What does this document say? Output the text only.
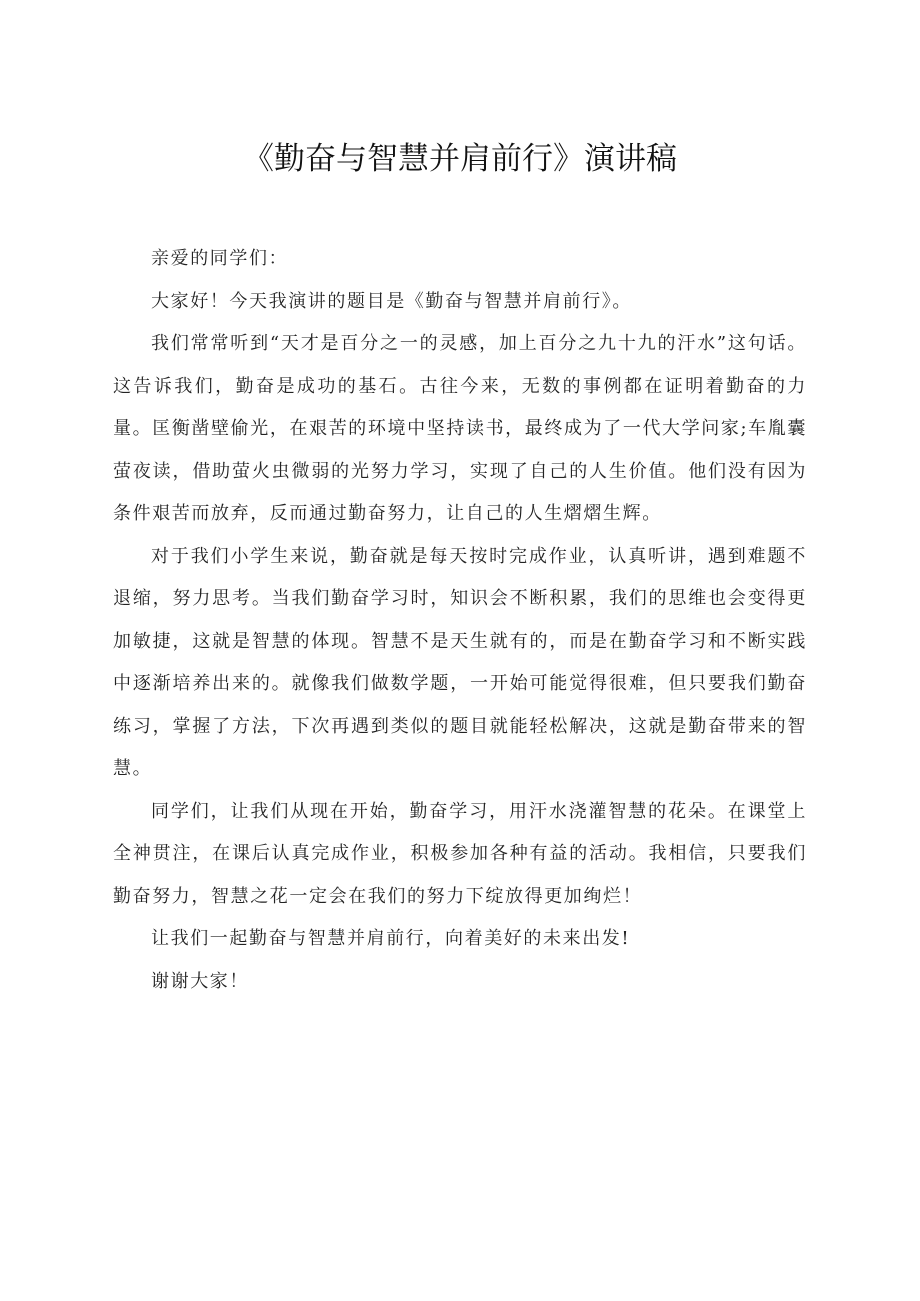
《勤奋与智慧并肩前行》演讲稿

亲爱的同学们：

大家好！今天我演讲的题目是《勤奋与智慧并肩前行》。

我们常常听到“天才是百分之一的灵感，加上百分之九十九的汗水”这句话。这告诉我们，勤奋是成功的基石。古往今来，无数的事例都在证明着勤奋的力量。匡衡凿壁偷光，在艰苦的环境中坚持读书，最终成为了一代大学问家;车胤囊萤夜读，借助萤火虫微弱的光努力学习，实现了自己的人生价值。他们没有因为条件艰苦而放弃，反而通过勤奋努力，让自己的人生熠熠生辉。

对于我们小学生来说，勤奋就是每天按时完成作业，认真听讲，遇到难题不退缩，努力思考。当我们勤奋学习时，知识会不断积累，我们的思维也会变得更加敏捷，这就是智慧的体现。智慧不是天生就有的，而是在勤奋学习和不断实践中逐渐培养出来的。就像我们做数学题，一开始可能觉得很难，但只要我们勤奋练习，掌握了方法，下次再遇到类似的题目就能轻松解决，这就是勤奋带来的智慧。

同学们，让我们从现在开始，勤奋学习，用汗水浇灌智慧的花朵。在课堂上全神贯注，在课后认真完成作业，积极参加各种有益的活动。我相信，只要我们勤奋努力，智慧之花一定会在我们的努力下绽放得更加绚烂！

让我们一起勤奋与智慧并肩前行，向着美好的未来出发!

谢谢大家！
